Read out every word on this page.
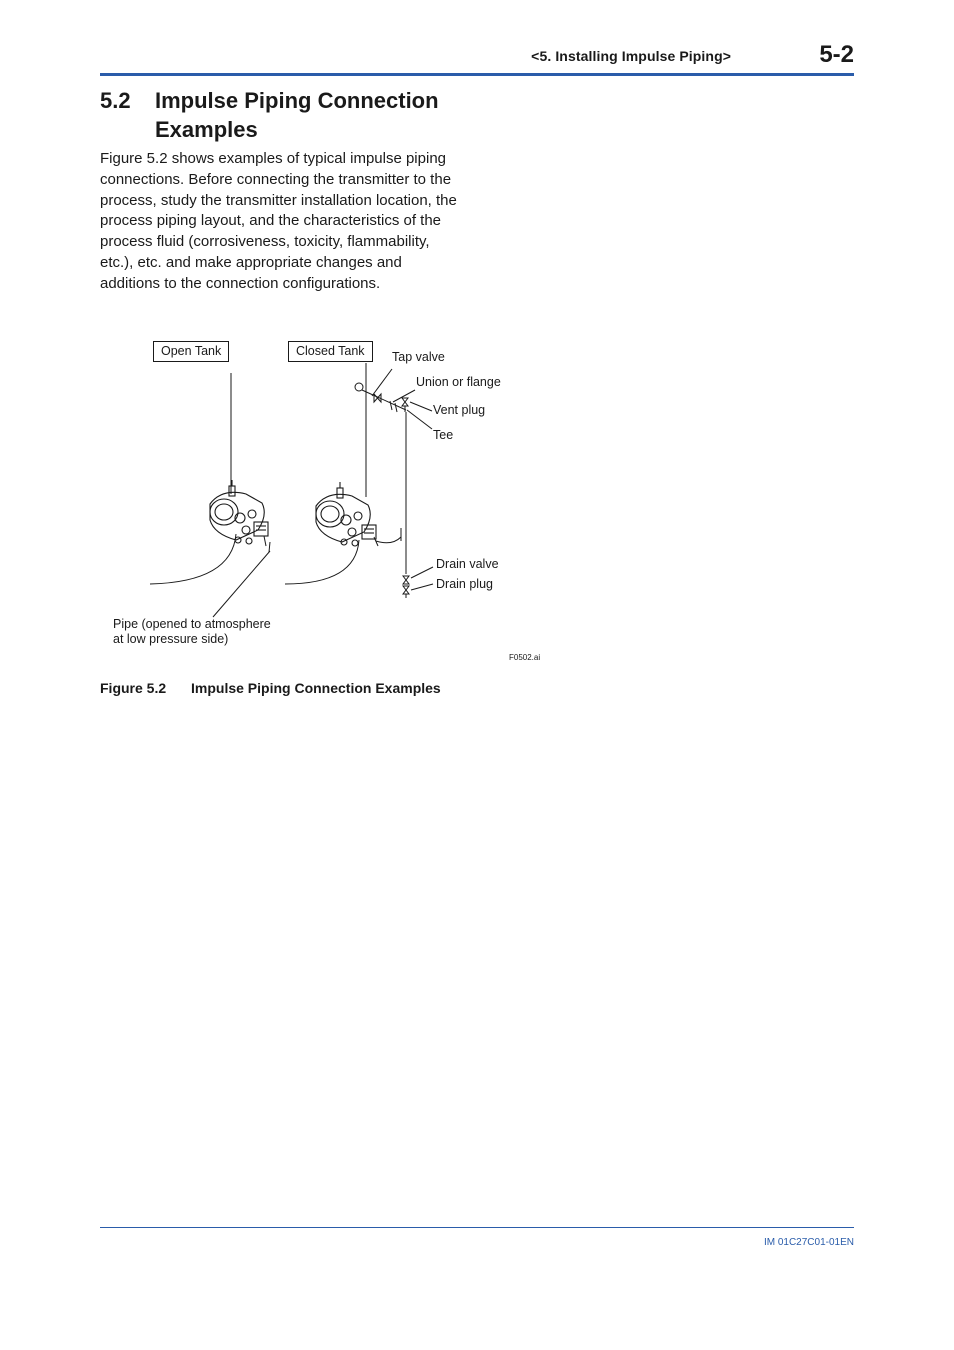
<5. Installing Impulse Piping>	5-2
5.2 Impulse Piping Connection Examples

Figure 5.2 shows examples of typical impulse piping connections. Before connecting the transmitter to the process, study the transmitter installation location, the process piping layout, and the characteristics of the process fluid (corrosiveness, toxicity, flammability, etc.), etc. and make appropriate changes and additions to the connection configurations.

Open Tank	Closed Tank	Tap valve
Union or flange
Vent plug
Tee
Drain valve
Drain plug
Pipe (opened to atmosphere
at low pressure side)
F0502.ai
Figure 5.2 Impulse Piping Connection Examples
IM 01C27C01-01EN
